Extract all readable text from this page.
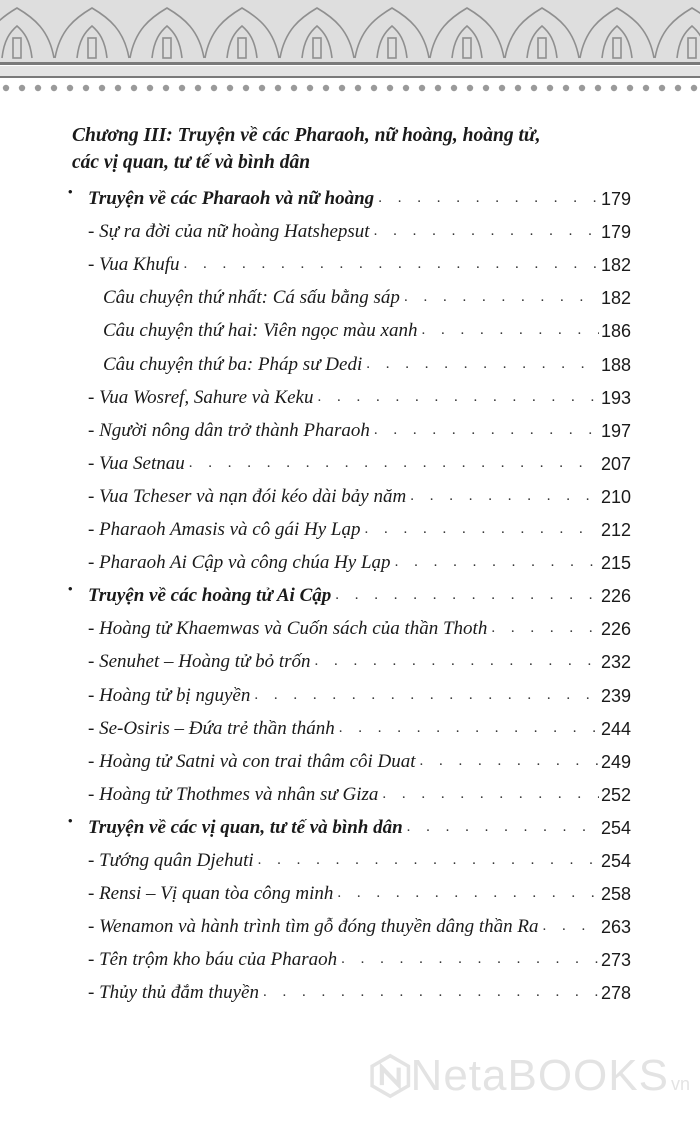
Chương III: Truyện về các Pharaoh, nữ hoàng, hoàng tử,
các vị quan, tư tế và bình dân
• Truyện về các Pharaoh và nữ hoàng . . .	179
- Sự ra đời của nữ hoàng Hatshepsut . . .	179
- Vua Khufu . . .	182
Câu chuyện thứ nhất: Cá sấu bằng sáp . . .	182
Câu chuyện thứ hai: Viên ngọc màu xanh . . .	186
Câu chuyện thứ ba: Pháp sư Dedi . . .	188
- Vua Wosref, Sahure và Keku . . .	193
- Người nông dân trở thành Pharaoh . . .	197
- Vua Setnau . . .	207
- Vua Tcheser và nạn đói kéo dài bảy năm . . .	210
- Pharaoh Amasis và cô gái Hy Lạp . . .	212
- Pharaoh Ai Cập và công chúa Hy Lạp . . .	215
• Truyện về các hoàng tử Ai Cập . . .	226
- Hoàng tử Khaemwas và Cuốn sách của thần Thoth . . .	226
- Senuhet – Hoàng tử bỏ trốn . . .	232
- Hoàng tử bị nguyền . . .	239
- Se-Osiris – Đứa trẻ thần thánh . . .	244
- Hoàng tử Satni và con trai thâm côi Duat . . .	249
- Hoàng tử Thothmes và nhân sư Giza . . .	252
• Truyện về các vị quan, tư tế và bình dân . . .	254
- Tướng quân Djehuti . . .	254
- Rensi – Vị quan tòa công minh . . .	258
- Wenamon và hành trình tìm gỗ đóng thuyền dâng thần Ra . . .	263
- Tên trộm kho báu của Pharaoh . . .	273
- Thủy thủ đắm thuyền . . .	278
NetaBOOKS vn
